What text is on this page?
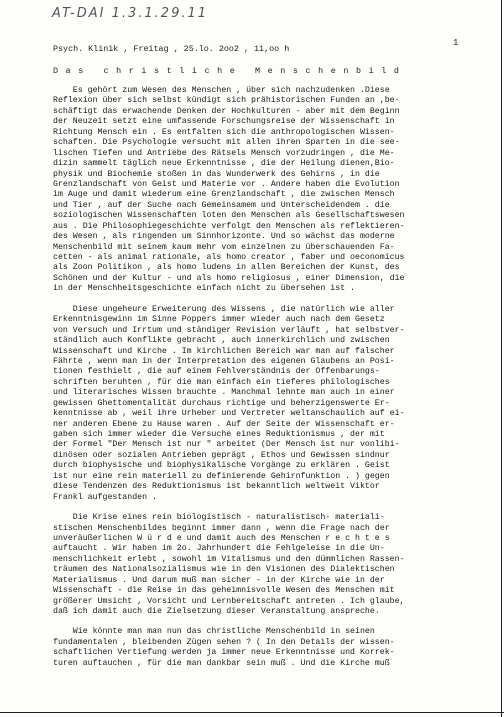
AT-DAI 1.3.1.29.11
1
Psych. Klinik , Freitag , 25.lo. 2oo2 , 11,oo h
Das christliche Menschenbild
Es gehört zum Wesen des Menschen , über sich nachzudenken .Diese
Reflexion über sich selbst kündigt sich prähistorischen Funden an ,be-
schäftigt das erwachende Denken der Hochkulturen - aber mit dem Beginn
der Neuzeit setzt eine umfassende Forschungsreise der Wissenschaft in
Richtung Mensch ein . Es entfalten sich die anthropologischen Wissen-
schaften. Die Psychologie versucht mit allen ihren Sparten in die see-
lischen Tiefen und Antriebe des Rätsels Mensch vorzudringen , die Me-
dizin sammelt täglich neue Erkenntnisse , die der Heilung dienen,Bio-
physik und Biochemie stoßen in das Wunderwerk des Gehirns , in die
Grenzlandschaft von Geist und Materie vor . Andere haben die Evolution
im Auge und damit wiederum eine Grenzlandschaft , die zwischen Mensch
und Tier , auf der Suche nach Gemeinsamem und Unterscheidendem . die
soziologischen Wissenschaften loten den Menschen als Gesellschaftswesen
aus . Die Philosophiegeschichte verfolgt den Menschen als reflektieren-
des Wesen , als ringenden um Sinnhorizonte. Und so wächst das moderne
Menschenbild mit seinem kaum mehr vom einzelnen zu überschauenden Fa-
cetten - als animal rationale, als homo creator , faber und oeconomicus
als Zoon Politikon , als homo ludens in allen Bereichen der Kunst, des
Schönen und der Kultur - und als homo religiosus , einer Dimension, die
in der Menschheitsgeschichte einfach nicht zu übersehen ist .
Diese ungeheure Erweiterung des Wissens , die natürlich wie aller
Erkenntnisgewinn im Sinne Poppers immer wieder auch nach dem Gesetz
von Versuch und Irrtum und ständiger Revision verläuft , hat selbstver-
ständlich auch Konflikte gebracht , auch innerkirchlich und zwischen
Wissenschaft und Kirche . Im kirchlichen Bereich war man auf falscher
Fährte , wenn man in der Interpretation des eigenen Glaubens an Posi-
tionen festhielt , die auf einem Fehlverständnis der Offenbarungs-
schriften beruhten , für die man einfach ein tieferes philologisches
und literarisches Wissen brauchte . Manchmal lehnte man auch in einer
gewissen Ghettomentalität durchaus richtige und beherzigenswerte Er-
kenntnisse ab , weil ihre Urheber und Vertreter weltanschaulich auf ei-
ner anderen Ebene zu Hause waren . Auf der Seite der Wissenschaft er-
gaben sich immer wieder die Versuche eines Reduktionismus , der mit
der Formel "Der Mensch ist nur " arbeitet (Der Mensch ist nur vonlibi-
dinösen oder sozialen Antrieben geprägt , Ethos und Gewissen sindnur
durch biophysische und biophysikalische Vorgänge zu erklären . Geist
ist nur eine rein materiell zu definierende Gehirnfunktion . ) gegen
diese Tendenzen des Reduktionismus ist bekanntlich weltweit Viktor
Frankl aufgestanden .
Die Krise eines rein biologistisch - naturalistisch- materiali-
stischen Menschenbildes beginnt immer dann , wenn die Frage nach der
unveräußerlichen W ü r d e und damit auch des Menschen r e c h t e s
auftaucht . Wir haben im 2o. Jahrhundert die Fehlgeleise in die Un-
menschlichkeit erlebt , sowohl im Vitalismus und den dümmlichen Rassen-
träumen des Nationalsozialismus wie in den Visionen des Dialektischen
Materialismus . Und darum muß man sicher - in der Kirche wie in der
Wissenschaft - die Reise in das geheimnisvolle Wesen des Menschen mit
größerer Umsicht , Vorsicht und Lernbereitschaft antreten . Ich glaube,
daß ich damit auch die Zielsetzung dieser Veranstaltung anspreche.
Wie könnte man man nun das christliche Menschenbild in seinen
fundamentalen , bleibenden Zügen sehen ? ( In den Details der wissen-
schaftlichen Vertiefung werden ja immer neue Erkenntnisse und Korrek-
turen auftauchen , für die man dankbar sein muß . Und die Kirche muß
